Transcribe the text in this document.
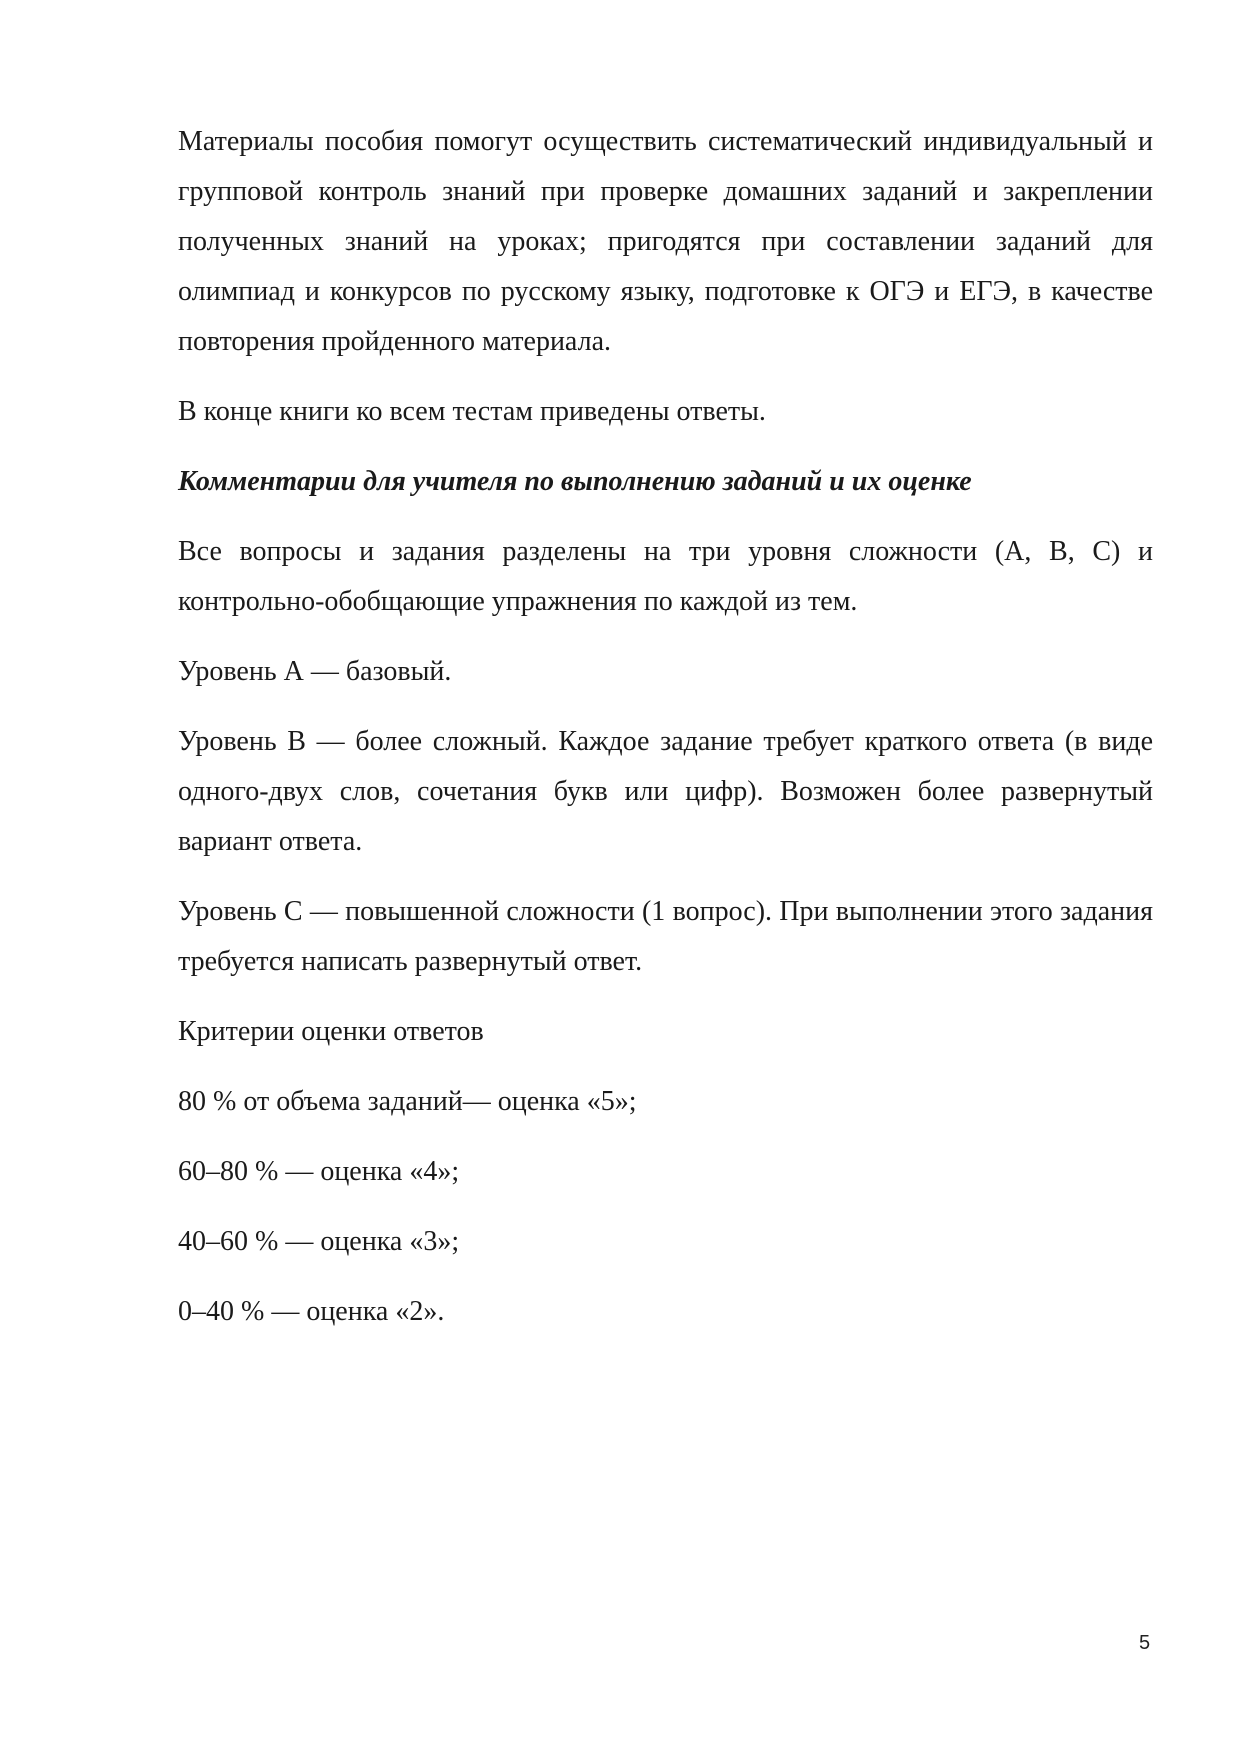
Материалы пособия помогут осуществить систематический индивидуальный и групповой контроль знаний при проверке домашних заданий и закреплении полученных знаний на уроках; пригодятся при составлении заданий для олимпиад и конкурсов по русскому языку, подготовке к ОГЭ и ЕГЭ, в качестве повторения пройденного материала.

В конце книги ко всем тестам приведены ответы.

Комментарии для учителя по выполнению заданий и их оценке

Все вопросы и задания разделены на три уровня сложности (А, В, С) и контрольно-обобщающие упражнения по каждой из тем.

Уровень А — базовый.

Уровень В — более сложный. Каждое задание требует краткого ответа (в виде одного-двух слов, сочетания букв или цифр). Возможен более развернутый вариант ответа.

Уровень С — повышенной сложности (1 вопрос). При выполнении этого задания требуется написать развернутый ответ.

Критерии оценки ответов

80 % от объема заданий— оценка «5»;

60–80 % — оценка «4»;

40–60 % — оценка «3»;

0–40 % — оценка «2».

5
